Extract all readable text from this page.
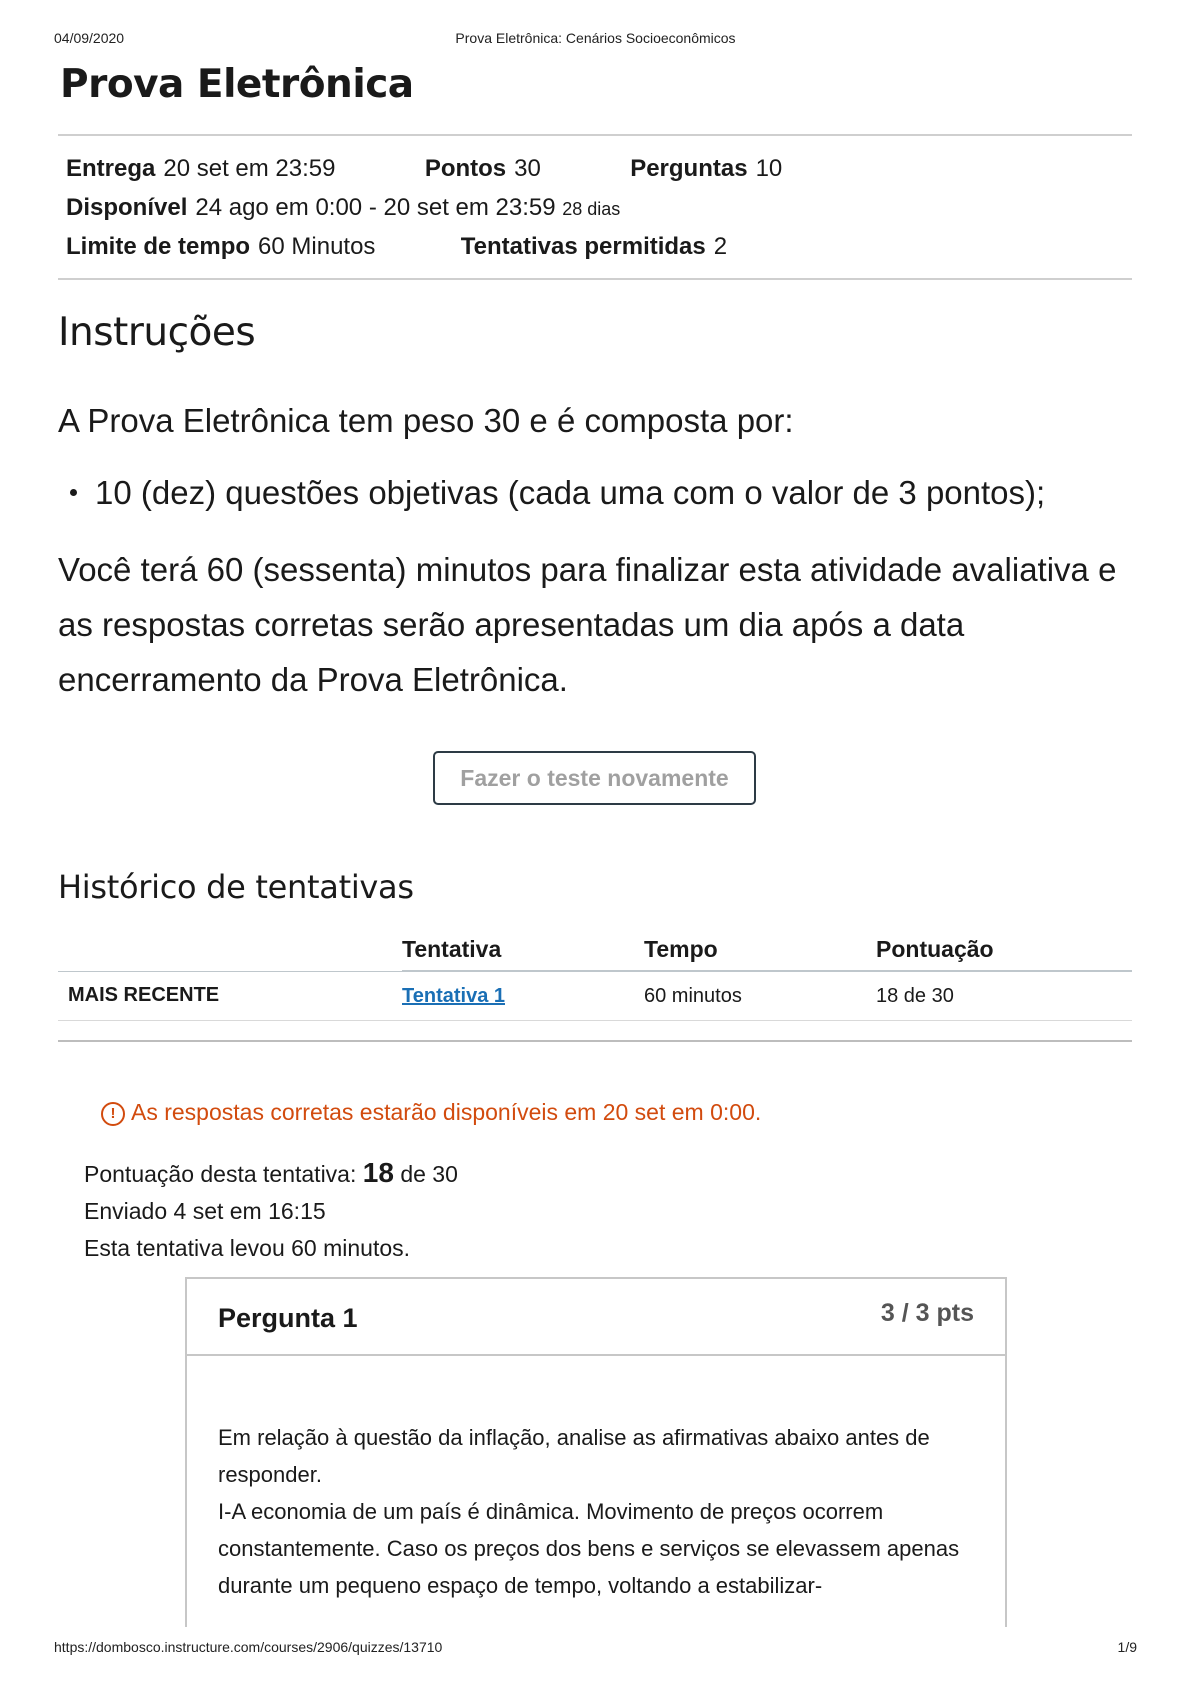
04/09/2020	Prova Eletrônica: Cenários Socioeconômicos
Prova Eletrônica
Entrega 20 set em 23:59	Pontos 30	Perguntas 10
Disponível 24 ago em 0:00 - 20 set em 23:59 28 dias
Limite de tempo 60 Minutos	Tentativas permitidas 2
Instruções

A Prova Eletrônica tem peso 30 e é composta por:

10 (dez) questões objetivas (cada uma com o valor de 3 pontos);

Você terá 60 (sessenta) minutos para finalizar esta atividade avaliativa e as respostas corretas serão apresentadas um dia após a data encerramento da Prova Eletrônica.

Fazer o teste novamente
Histórico de tentativas
	Tentativa	Tempo	Pontuação
MAIS RECENTE	Tentativa 1	60 minutos	18 de 30
! As respostas corretas estarão disponíveis em 20 set em 0:00.
Pontuação desta tentativa: 18 de 30
Enviado 4 set em 16:15
Esta tentativa levou 60 minutos.
Pergunta 1	3 / 3 pts
Em relação à questão da inflação, analise as afirmativas abaixo antes de responder.
I-A economia de um país é dinâmica. Movimento de preços ocorrem constantemente. Caso os preços dos bens e serviços se elevassem apenas durante um pequeno espaço de tempo, voltando a estabilizar-
https://dombosco.instructure.com/courses/2906/quizzes/13710	1/9
